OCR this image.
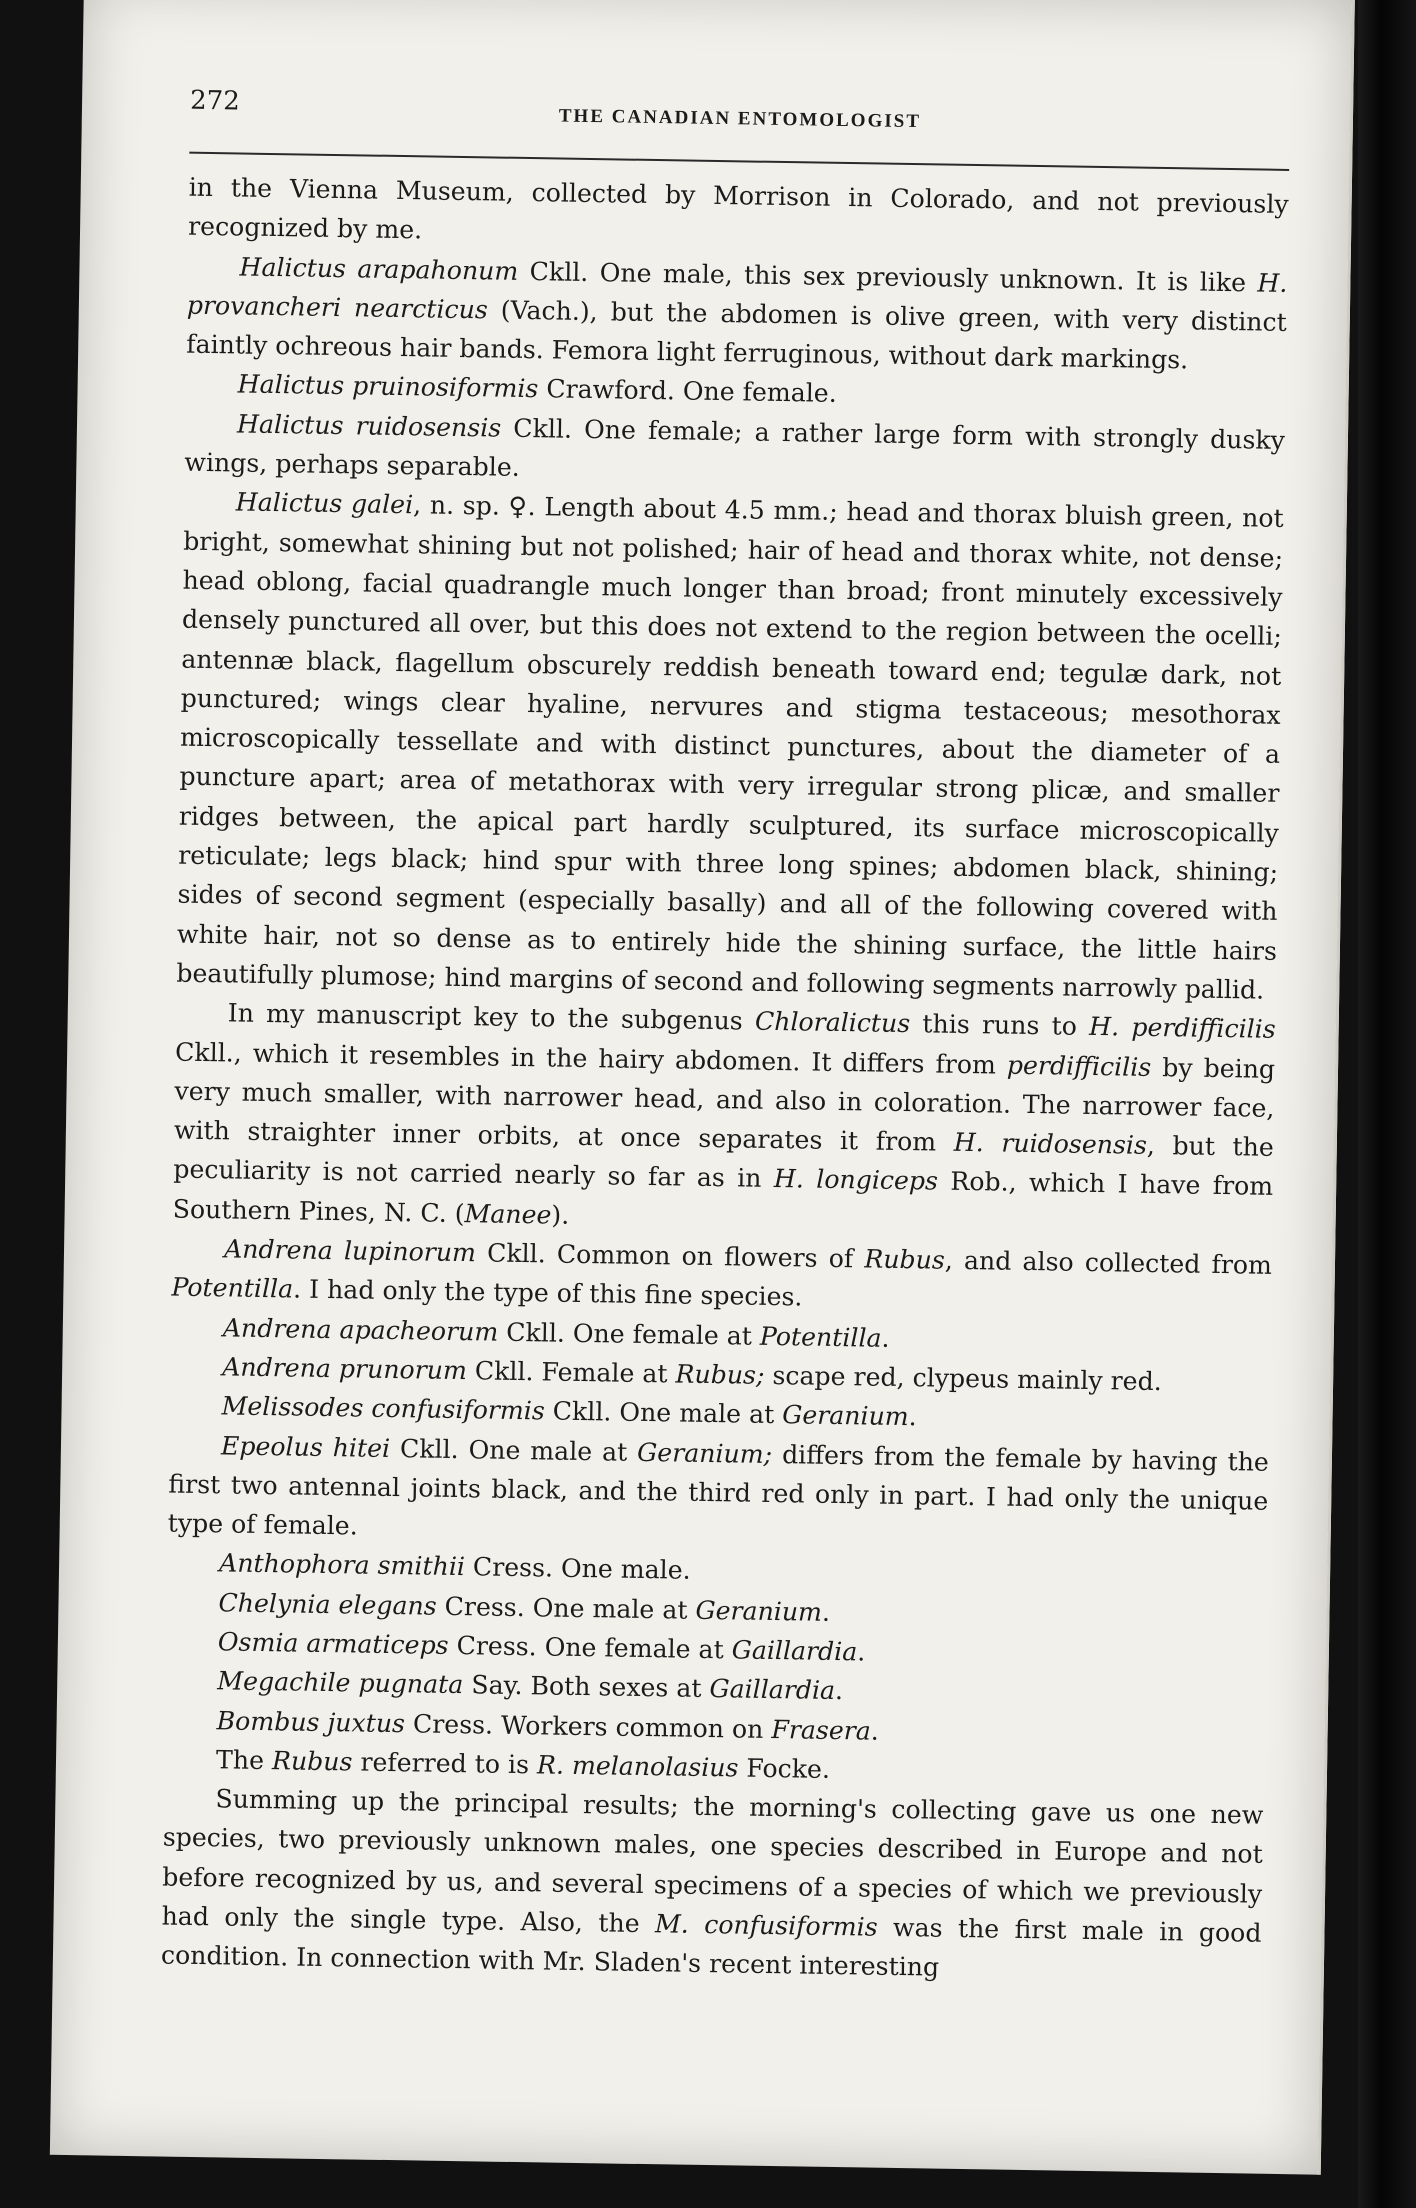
272
THE CANADIAN ENTOMOLOGIST

in the Vienna Museum, collected by Morrison in Colorado, and not previously recognized by me.

Halictus arapahonum Ckll. One male, this sex previously unknown. It is like H. provancheri nearcticus (Vach.), but the abdomen is olive green, with very distinct faintly ochreous hair bands. Femora light ferruginous, without dark markings.

Halictus pruinosiformis Crawford. One female.

Halictus ruidosensis Ckll. One female; a rather large form with strongly dusky wings, perhaps separable.

Halictus galei, n. sp. ♀. Length about 4.5 mm.; head and thorax bluish green, not bright, somewhat shining but not polished; hair of head and thorax white, not dense; head oblong, facial quadrangle much longer than broad; front minutely excessively densely punctured all over, but this does not extend to the region between the ocelli; antennæ black, flagellum obscurely reddish beneath toward end; tegulæ dark, not punctured; wings clear hyaline, nervures and stigma testaceous; mesothorax microscopically tessellate and with distinct punctures, about the diameter of a puncture apart; area of metathorax with very irregular strong plicæ, and smaller ridges between, the apical part hardly sculptured, its surface microscopically reticulate; legs black; hind spur with three long spines; abdomen black, shining; sides of second segment (especially basally) and all of the following covered with white hair, not so dense as to entirely hide the shining surface, the little hairs beautifully plumose; hind margins of second and following segments narrowly pallid.

In my manuscript key to the subgenus Chloralictus this runs to H. perdifficilis Ckll., which it resembles in the hairy abdomen. It differs from perdifficilis by being very much smaller, with narrower head, and also in coloration. The narrower face, with straighter inner orbits, at once separates it from H. ruidosensis, but the peculiarity is not carried nearly so far as in H. longiceps Rob., which I have from Southern Pines, N. C. (Manee).

Andrena lupinorum Ckll. Common on flowers of Rubus, and also collected from Potentilla. I had only the type of this fine species.

Andrena apacheorum Ckll. One female at Potentilla.

Andrena prunorum Ckll. Female at Rubus; scape red, clypeus mainly red.

Melissodes confusiformis Ckll. One male at Geranium.

Epeolus hitei Ckll. One male at Geranium; differs from the female by having the first two antennal joints black, and the third red only in part. I had only the unique type of female.

Anthophora smithii Cress. One male.

Chelynia elegans Cress. One male at Geranium.

Osmia armaticeps Cress. One female at Gaillardia.

Megachile pugnata Say. Both sexes at Gaillardia.

Bombus juxtus Cress. Workers common on Frasera.

The Rubus referred to is R. melanolasius Focke.

Summing up the principal results; the morning's collecting gave us one new species, two previously unknown males, one species described in Europe and not before recognized by us, and several specimens of a species of which we previously had only the single type. Also, the M. confusiformis was the first male in good condition. In connection with Mr. Sladen's recent interesting
